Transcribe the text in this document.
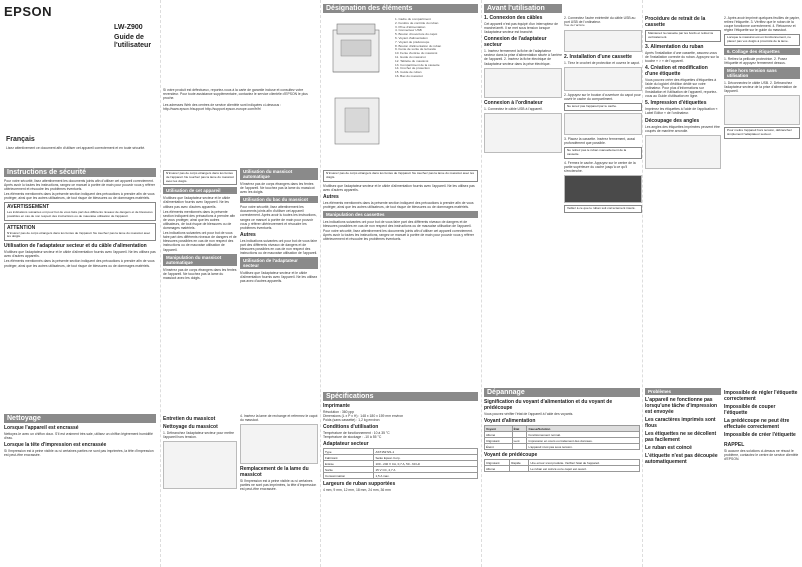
EPSON
LW-Z900
Guide de l'utilisateur
Français
Lisez attentivement ce document afin d'utiliser cet appareil correctement et en toute sécurité.
Instructions de sécurité
Pour votre sécurité, lisez attentivement les documents joints afin d'utiliser cet appareil correctement. Après avoir lu toutes les instructions, rangez ce manuel à portée de main pour pouvoir vous y référer ultérieurement et résoudre les problèmes éventuels.
Les éléments mentionnés dans la présente section indiquent des précautions à prendre afin de vous protéger, ainsi que les autres utilisateurs, de tout risque de blessures ou de dommages matériels.
AVERTISSEMENT
Les indications suivantes ont pour but de vous faire part des différents niveaux de dangers et de blessures possibles en cas de non respect des instructions ou de mauvaise utilisation de l'appareil.
ATTENTION
N'insérez pas de corps étrangers dans les fentes de l'appareil. Ne touchez pas la lame du massicot avec les doigts.
Utilisation de l'adaptateur secteur et du câble d'alimentation
N'utilisez que l'adaptateur secteur et le câble d'alimentation fournis avec l'appareil. Ne les utilisez pas avec d'autres appareils.
Les éléments mentionnés dans la présente section indiquent des précautions à prendre afin de vous protéger, ainsi que les autres utilisateurs, de tout risque de blessures ou de dommages matériels.
Nettoyage
Lorsque l'appareil est encrassé
Nettoyez-le avec un chiffon doux. S'il est vraiment très sale, utilisez un chiffon légèrement humidifié d'eau.
Lorsque la tête d'impression est encrassée
Si l'impression est à peine visible ou si certaines parties ne sont pas imprimées, la tête d'impression est peut-être encrassée.
Si votre produit est défectueux, reportez-vous à la carte de garantie incluse et consultez votre revendeur. Pour toute assistance supplémentaire, contactez le service clientèle d'EPSON le plus proche.
Les adresses Web des centres de service clientèle sont indiquées ci-dessous : http://www.epson.fr/support http://support.epson-europe.com/fr/fr/
N'insérez pas de corps étrangers dans les fentes de l'appareil. Ne touchez pas la lame du massicot avec les doigts.
Utilisation de cet appareil
N'utilisez que l'adaptateur secteur et le câble d'alimentation fournis avec l'appareil. Ne les utilisez pas avec d'autres appareils.
Les éléments mentionnés dans la présente section indiquent des précautions à prendre afin de vous protéger, ainsi que les autres utilisateurs, de tout risque de blessures ou de dommages matériels.
Les indications suivantes ont pour but de vous faire part des différents niveaux de dangers et de blessures possibles en cas de non respect des instructions ou de mauvaise utilisation de l'appareil.
Manipulation du massicot automatique
N'insérez pas de corps étrangers dans les fentes de l'appareil. Ne touchez pas la lame du massicot avec les doigts.
Utilisation du massicot automatique
N'insérez pas de corps étrangers dans les fentes de l'appareil. Ne touchez pas la lame du massicot avec les doigts.
Utilisation du bac du massicot
Pour votre sécurité, lisez attentivement les documents joints afin d'utiliser cet appareil correctement. Après avoir lu toutes les instructions, rangez ce manuel à portée de main pour pouvoir vous y référer ultérieurement et résoudre les problèmes éventuels.
Autres
Les indications suivantes ont pour but de vous faire part des différents niveaux de dangers et de blessures possibles en cas de non respect des instructions ou de mauvaise utilisation de l'appareil.
Utilisation de l'adaptateur secteur
N'utilisez que l'adaptateur secteur et le câble d'alimentation fournis avec l'appareil. Ne les utilisez pas avec d'autres appareils.
Entretien du massicot
Nettoyage du massicot
1. Débranchez l'adaptateur secteur pour mettre l'appareil hors tension.
4. Insérez la lame de rechange et refermez le capot du massicot.
Remplacement de la lame du massicot
Si l'impression est à peine visible ou si certaines parties ne sont pas imprimées, la tête d'impression est peut-être encrassée.
Désignation des éléments
1. Cadre du compartiment
2. Fenêtre de contrôle du ruban
3. Prise d'alimentation
4. Connecteur USB
5. Bouton d'ouverture du capot
6. Voyant d'alimentation
7. Voyant de prédécoupe
8. Bouton d'alimentation du ruban
9. Fente de sortie de la bande
10. Fente d'entrée du massicot
11. Guide du massicot
12. Tablette du massicot
13. Compartiment de la cassette
14. Crochet de protection
15. Guide de ruban
16. Bac du massicot
N'insérez pas de corps étrangers dans les fentes de l'appareil. Ne touchez pas la lame du massicot avec les doigts.
N'utilisez que l'adaptateur secteur et le câble d'alimentation fournis avec l'appareil. Ne les utilisez pas avec d'autres appareils.
Autres
Les éléments mentionnés dans la présente section indiquent des précautions à prendre afin de vous protéger, ainsi que les autres utilisateurs, de tout risque de blessures ou de dommages matériels.
Manipulation des cassettes
Les indications suivantes ont pour but de vous faire part des différents niveaux de dangers et de blessures possibles en cas de non respect des instructions ou de mauvaise utilisation de l'appareil.
Pour votre sécurité, lisez attentivement les documents joints afin d'utiliser cet appareil correctement. Après avoir lu toutes les instructions, rangez ce manuel à portée de main pour pouvoir vous y référer ultérieurement et résoudre les problèmes éventuels.
Spécifications
Imprimante
Résolution : 360 ppp
Dimensions (L x P x H) : 148 x 180 x 159 mm environ
Poids (sans cassette) : 1,2 kg environ
Conditions d'utilisation
Température de fonctionnement : 10 à 35 °C
Température de stockage : -10 à 55 °C
Adaptateur secteur
Type	AST1527Z1-1
Fabricant	Seiko Epson Corp.
Entrée	100 - 240 V CA, 0,7 A, 50 - 60 Hz
Sortie	15 V CC, 2,7 A
Consommation	1,5 A max.
Largeurs de ruban supportées
4 mm, 9 mm, 12 mm, 18 mm, 24 mm, 36 mm
Avant l'utilisation
1. Connexion des câbles
Cet appareil n'est pas équipé d'un interrupteur de marche/arrêt. Il se met sous tension lorsque l'adaptateur secteur est branché.
Connexion de l'adaptateur secteur
1. Insérez fermement la fiche de l'adaptateur secteur dans la prise d'alimentation située à l'arrière de l'appareil. 2. Insérez la fiche électrique de l'adaptateur secteur dans la prise électrique.
Connexion à l'ordinateur
1. Connectez le câble USB à l'appareil.
2. Connectez l'autre extrémité du câble USB au port USB de l'ordinateur.
Vue de l'arrière
2. Installation d'une cassette
1. Tirez le crochet de protection et ouvrez le capot.
2. Appuyez sur le bouton d'ouverture du capot pour ouvrir le cache du compartiment.
Ne tenez pas l'appareil par le cache.
3. Placez la cassette. Insérez fermement, aussi profondément que possible.
Ne retirez pas le ruban manuellement de la cassette.
4. Fermez le cache. Appuyez sur le centre de la partie supérieure du cache jusqu'à ce qu'il s'enclenche.
Veillez à ce que le ruban soit correctement inséré.
Dépannage
Signification du voyant d'alimentation et du voyant de prédécoupe
Vous pouvez vérifier l'état de l'appareil à l'aide des voyants.
Voyant d'alimentation
Voyant	État	Cause/Solution
Allumé		Fonctionnement normal.
Clignotant	Lent	Impression en cours ou traitement des données.
Éteint		L'appareil n'est pas sous tension.
Voyant de prédécoupe
Clignotant	Rapide	Une erreur s'est produite. Vérifiez l'état de l'appareil.
Allumé		Le ruban est coincé ou le capot est ouvert.
Procédure de retrait de la cassette
Maintenez la cassette par les bords et retirez-la verticalement.
3. Alimentation du ruban
Après l'installation d'une cassette, assurez-vous de l'installation correcte du ruban. Appuyez sur la touche « > » de l'appareil.
4. Création et modification d'une étiquette
Vous pouvez créer des étiquettes d'étiquettes à l'aide du logiciel d'édition dédié sur votre ordinateur. Pour plus d'informations sur l'installation et l'utilisation de l'appareil, reportez-vous au Guide d'utilisation en ligne.
5. Impression d'étiquettes
Imprimez les étiquettes à l'aide de l'application « Label Editor » de l'ordinateur.
Découpage des angles
Les angles des étiquettes imprimées peuvent être coupés de manière arrondie.
2. Après avoir imprimé quelques feuilles de papier, retirez l'étiquette. 3. Vérifiez que le ruban de la coupe fonctionne correctement. 4. Retournez et réglez l'étiquette sur le guide du massicot.
Lorsque le massicot est en fonctionnement, ne placez pas vos doigts à proximité de la lame.
6. Collage des étiquettes
1. Retirez la pellicule protectrice. 2. Posez l'étiquette et appuyez fermement dessus.
Mise hors tension sans utilisation
1. Déconnectez le câble USB. 2. Débranchez l'adaptateur secteur de la prise d'alimentation de l'appareil.
Pour mettre l'appareil hors tension, débranchez simplement l'adaptateur secteur.
Problèmes
L'appareil ne fonctionne pas lorsqu'une tâche d'impression est envoyée
Les caractères imprimés sont flous
Les étiquettes ne se décollent pas facilement
Le ruban est coincé
L'étiquette n'est pas découpée automatiquement
Impossible de régler l'étiquette correctement
Impossible de couper l'étiquette
La prédécoupe ne peut être effectuée correctement
Impossible de créer l'étiquette
RAPPEL
Si aucune des solutions ci-dessus ne résout le problème, contactez le centre de service clientèle d'EPSON.
